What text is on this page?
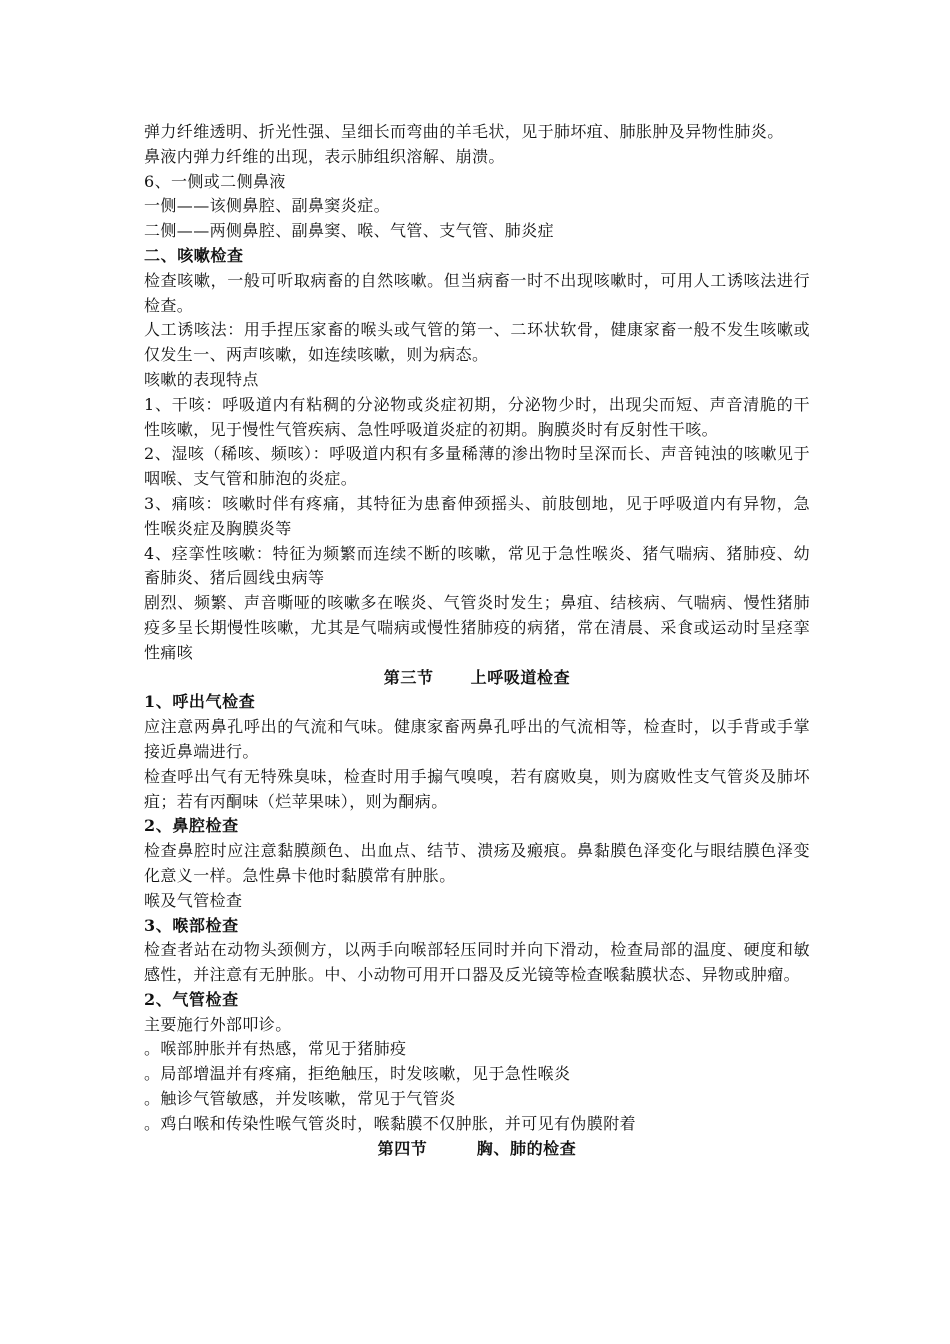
弹力纤维透明、折光性强、呈细长而弯曲的羊毛状，见于肺坏疽、肺胀肿及异物性肺炎。

鼻液内弹力纤维的出现，表示肺组织溶解、崩溃。

6、一侧或二侧鼻液

一侧——该侧鼻腔、副鼻窦炎症。

二侧——两侧鼻腔、副鼻窦、喉、气管、支气管、肺炎症

二、咳嗽检查

检查咳嗽，一般可听取病畜的自然咳嗽。但当病畜一时不出现咳嗽时，可用人工诱咳法进行检查。

人工诱咳法：用手捏压家畜的喉头或气管的第一、二环状软骨，健康家畜一般不发生咳嗽或仅发生一、两声咳嗽，如连续咳嗽，则为病态。

咳嗽的表现特点

1、干咳：呼吸道内有粘稠的分泌物或炎症初期，分泌物少时，出现尖而短、声音清脆的干性咳嗽，见于慢性气管疾病、急性呼吸道炎症的初期。胸膜炎时有反射性干咳。

2、湿咳（稀咳、频咳）：呼吸道内积有多量稀薄的渗出物时呈深而长、声音钝浊的咳嗽见于咽喉、支气管和肺泡的炎症。

3、痛咳：咳嗽时伴有疼痛，其特征为患畜伸颈摇头、前肢刨地，见于呼吸道内有异物，急性喉炎症及胸膜炎等

4、痉挛性咳嗽：特征为频繁而连续不断的咳嗽，常见于急性喉炎、猪气喘病、猪肺疫、幼畜肺炎、猪后圆线虫病等

剧烈、频繁、声音嘶哑的咳嗽多在喉炎、气管炎时发生；鼻疽、结核病、气喘病、慢性猪肺疫多呈长期慢性咳嗽，尤其是气喘病或慢性猪肺疫的病猪，常在清晨、采食或运动时呈痉挛性痛咳

第三节      上呼吸道检查

1、呼出气检查

应注意两鼻孔呼出的气流和气味。健康家畜两鼻孔呼出的气流相等，检查时，以手背或手掌接近鼻端进行。

检查呼出气有无特殊臭味，检查时用手搧气嗅嗅，若有腐败臭，则为腐败性支气管炎及肺坏疽；若有丙酮味（烂苹果味），则为酮病。

2、鼻腔检查

检查鼻腔时应注意黏膜颜色、出血点、结节、溃疡及瘢痕。鼻黏膜色泽变化与眼结膜色泽变化意义一样。急性鼻卡他时黏膜常有肿胀。

喉及气管检查

3、喉部检查

检查者站在动物头颈侧方，以两手向喉部轻压同时并向下滑动，检查局部的温度、硬度和敏感性，并注意有无肿胀。中、小动物可用开口器及反光镜等检查喉黏膜状态、异物或肿瘤。

2、气管检查

主要施行外部叩诊。

。喉部肿胀并有热感，常见于猪肺疫

。局部增温并有疼痛，拒绝触压，时发咳嗽，见于急性喉炎

。触诊气管敏感，并发咳嗽，常见于气管炎

。鸡白喉和传染性喉气管炎时，喉黏膜不仅肿胀，并可见有伪膜附着

第四节        胸、肺的检查
